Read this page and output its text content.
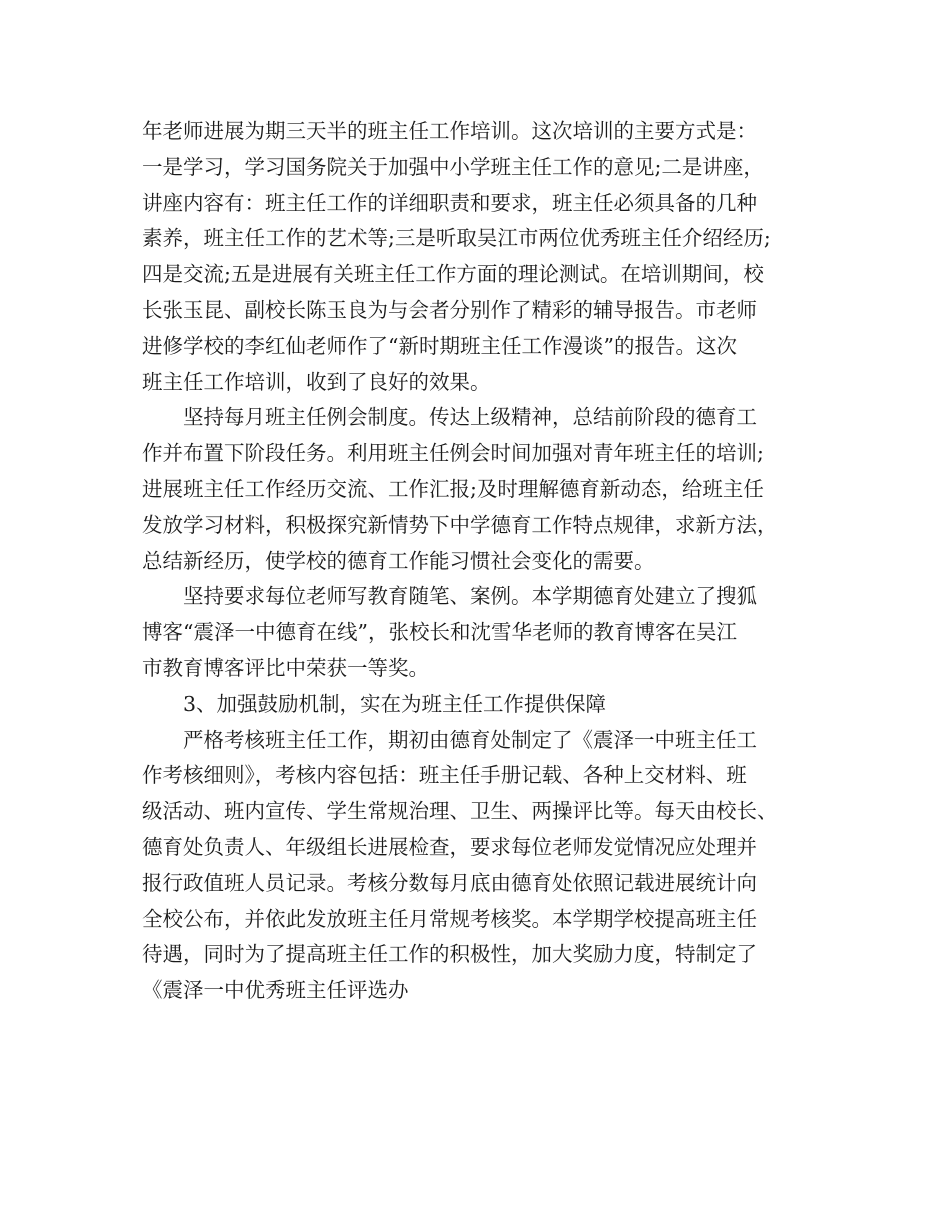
年老师进展为期三天半的班主任工作培训。这次培训的主要方式是：
一是学习，学习国务院关于加强中小学班主任工作的意见;二是讲座，
讲座内容有：班主任工作的详细职责和要求，班主任必须具备的几种
素养，班主任工作的艺术等;三是听取吴江市两位优秀班主任介绍经历;
四是交流;五是进展有关班主任工作方面的理论测试。在培训期间，校
长张玉昆、副校长陈玉良为与会者分别作了精彩的辅导报告。市老师
进修学校的李红仙老师作了“新时期班主任工作漫谈”的报告。这次
班主任工作培训，收到了良好的效果。
坚持每月班主任例会制度。传达上级精神，总结前阶段的德育工
作并布置下阶段任务。利用班主任例会时间加强对青年班主任的培训;
进展班主任工作经历交流、工作汇报;及时理解德育新动态，给班主任
发放学习材料，积极探究新情势下中学德育工作特点规律，求新方法，
总结新经历，使学校的德育工作能习惯社会变化的需要。
坚持要求每位老师写教育随笔、案例。本学期德育处建立了搜狐
博客“震泽一中德育在线”，张校长和沈雪华老师的教育博客在吴江
市教育博客评比中荣获一等奖。
3、加强鼓励机制，实在为班主任工作提供保障
严格考核班主任工作，期初由德育处制定了《震泽一中班主任工
作考核细则》，考核内容包括：班主任手册记载、各种上交材料、班
级活动、班内宣传、学生常规治理、卫生、两操评比等。每天由校长、
德育处负责人、年级组长进展检查，要求每位老师发觉情况应处理并
报行政值班人员记录。考核分数每月底由德育处依照记载进展统计向
全校公布，并依此发放班主任月常规考核奖。本学期学校提高班主任
待遇，同时为了提高班主任工作的积极性，加大奖励力度，特制定了
《震泽一中优秀班主任评选办
